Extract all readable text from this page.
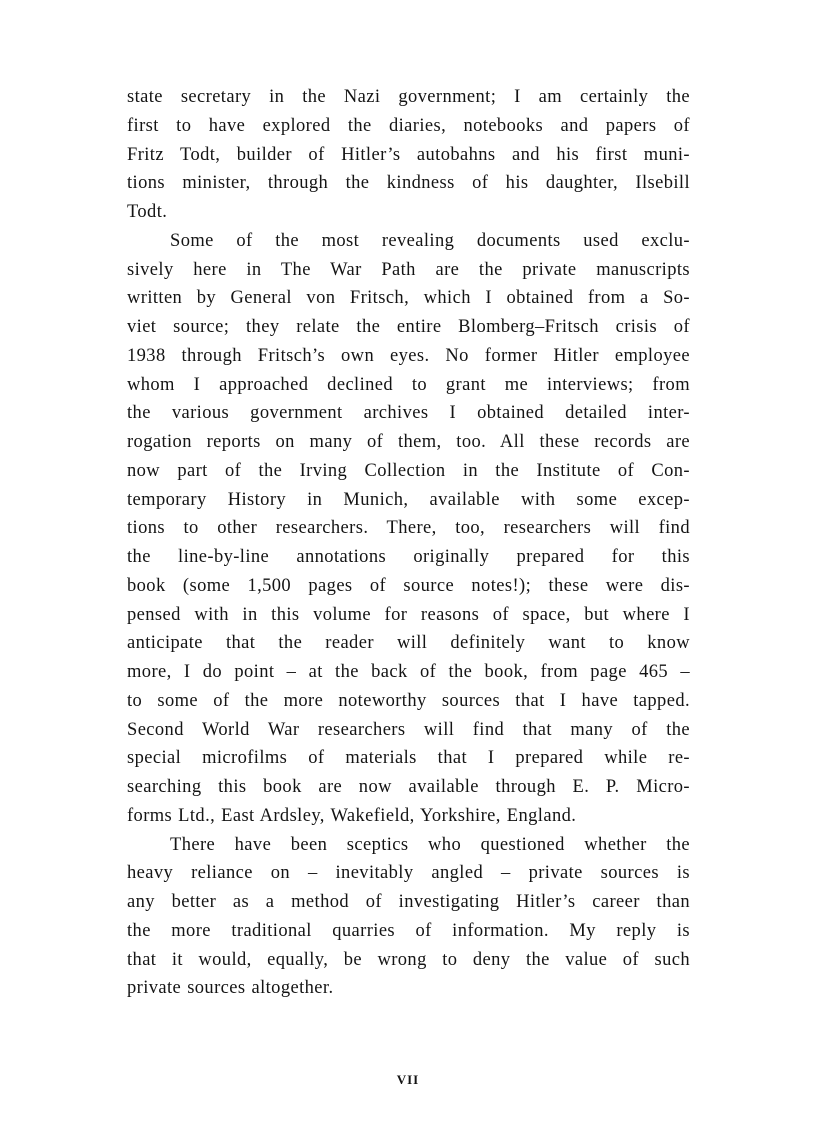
state secretary in the Nazi government; I am certainly the
first to have explored the diaries, notebooks and papers of
Fritz Todt, builder of Hitler’s autobahns and his first muni-
tions minister, through the kindness of his daughter, Ilsebill
Todt.
Some of the most revealing documents used exclu-
sively here in The War Path are the private manuscripts
written by General von Fritsch, which I obtained from a So-
viet source; they relate the entire Blomberg–Fritsch crisis of
1938 through Fritsch’s own eyes. No former Hitler employee
whom I approached declined to grant me interviews; from
the various government archives I obtained detailed inter-
rogation reports on many of them, too. All these records are
now part of the Irving Collection in the Institute of Con-
temporary History in Munich, available with some excep-
tions to other researchers. There, too, researchers will find
the line-by-line annotations originally prepared for this
book (some 1,500 pages of source notes!); these were dis-
pensed with in this volume for reasons of space, but where I
anticipate that the reader will definitely want to know
more, I do point – at the back of the book, from page 465 –
to some of the more noteworthy sources that I have tapped.
Second World War researchers will find that many of the
special microfilms of materials that I prepared while re-
searching this book are now available through E. P. Micro-
forms Ltd., East Ardsley, Wakefield, Yorkshire, England.
There have been sceptics who questioned whether the
heavy reliance on – inevitably angled – private sources is
any better as a method of investigating Hitler’s career than
the more traditional quarries of information. My reply is
that it would, equally, be wrong to deny the value of such
private sources altogether.
VII
